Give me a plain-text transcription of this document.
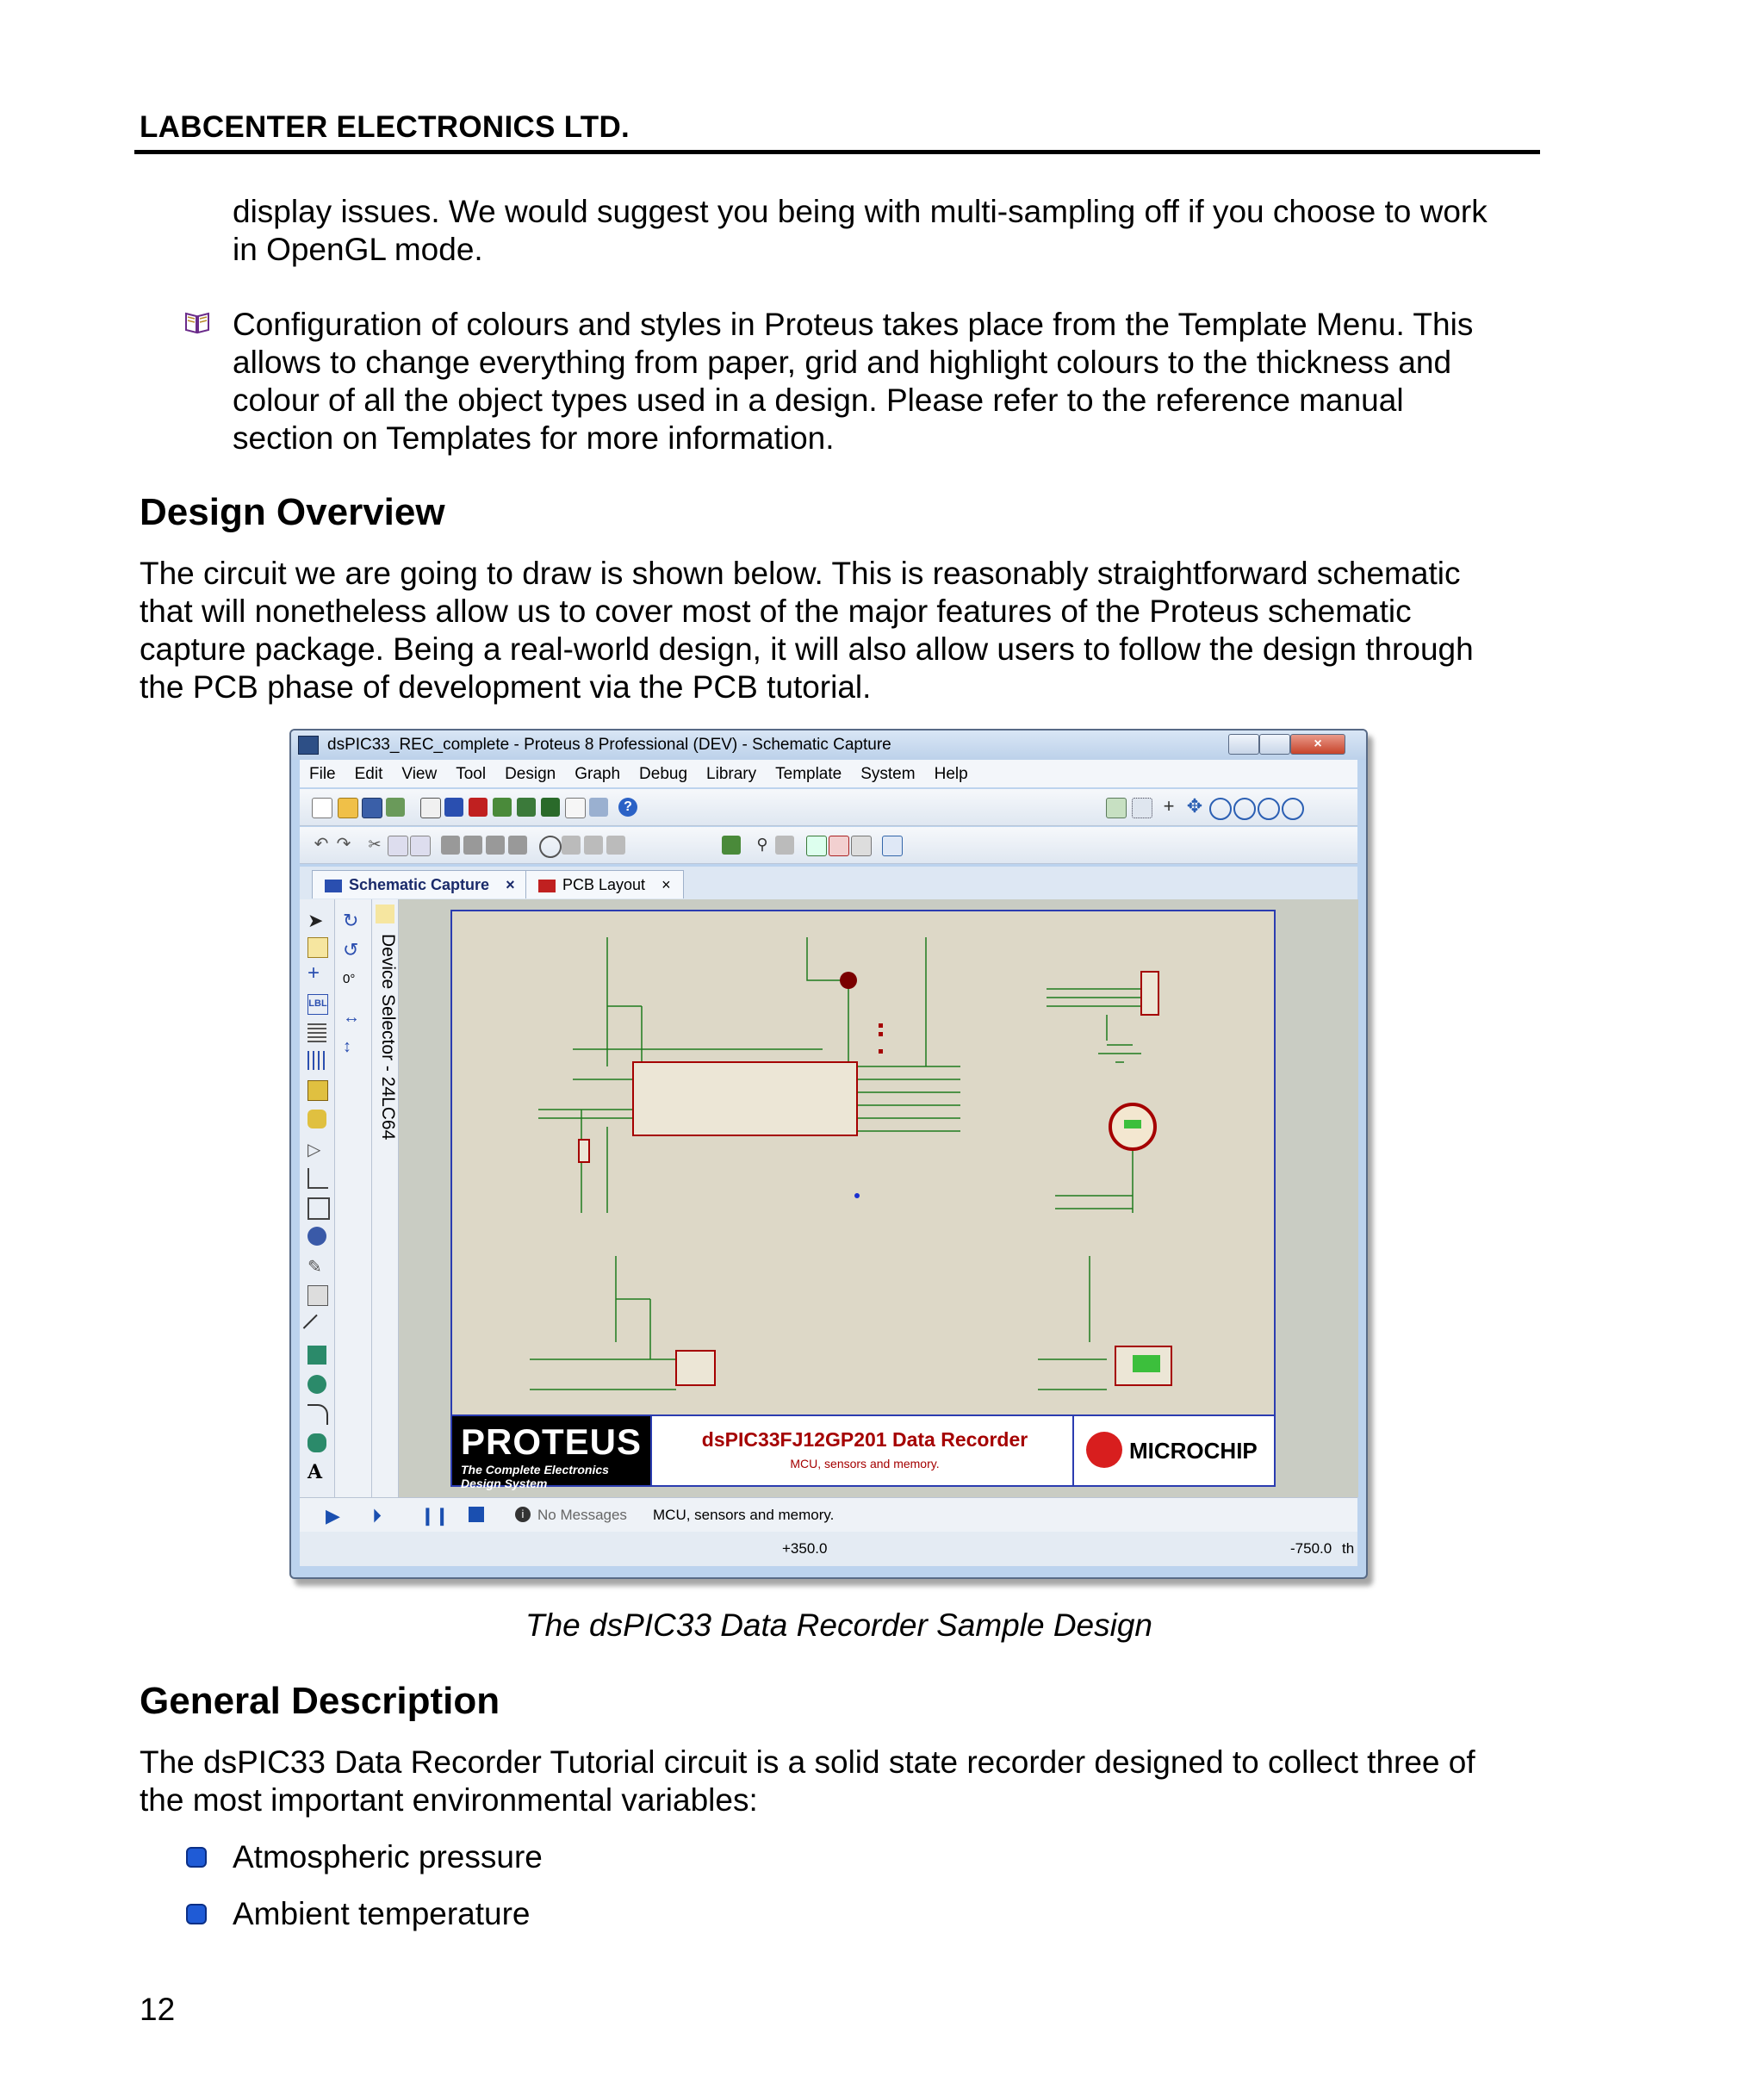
LABCENTER ELECTRONICS LTD.

display issues. We would suggest you being with multi-sampling off if you choose to work

in OpenGL mode.

Configuration of colours and styles in Proteus takes place from the Template Menu. This

allows to change everything from paper, grid and highlight colours to the thickness and

colour of all the object types used in a design. Please refer to the reference manual

section on Templates for more information.

Design Overview

The circuit we are going to draw is shown below. This is reasonably straightforward schematic

that will nonetheless allow us to cover most of the major features of the Proteus schematic

capture package. Being a real-world design, it will also allow users to follow the design through

the PCB phase of development via the PCB tutorial.

dsPIC33_REC_complete - Proteus 8 Professional (DEV) - Schematic Capture	×
File Edit View Tool Design Graph Debug Library Template System Help
?	+ ✥
↶ ↷ ✂	⚲
Schematic Capture ×	PCB Layout ×
➤
+
LBL
▷
✎
A
↻
↺
0°
↔
↕	Device Selector - 24LC64
PROTEUS
The Complete Electronics Design System
dsPIC33FJ12GP201 Data Recorder
MCU, sensors and memory.	MICROCHIP
▶ ⏵ ❙❙	i No Messages MCU, sensors and memory.
+350.0	-750.0 th
The dsPIC33 Data Recorder Sample Design
General Description

The dsPIC33 Data Recorder Tutorial circuit is a solid state recorder designed to collect three of

the most important environmental variables:

Atmospheric pressure

Ambient temperature

12
